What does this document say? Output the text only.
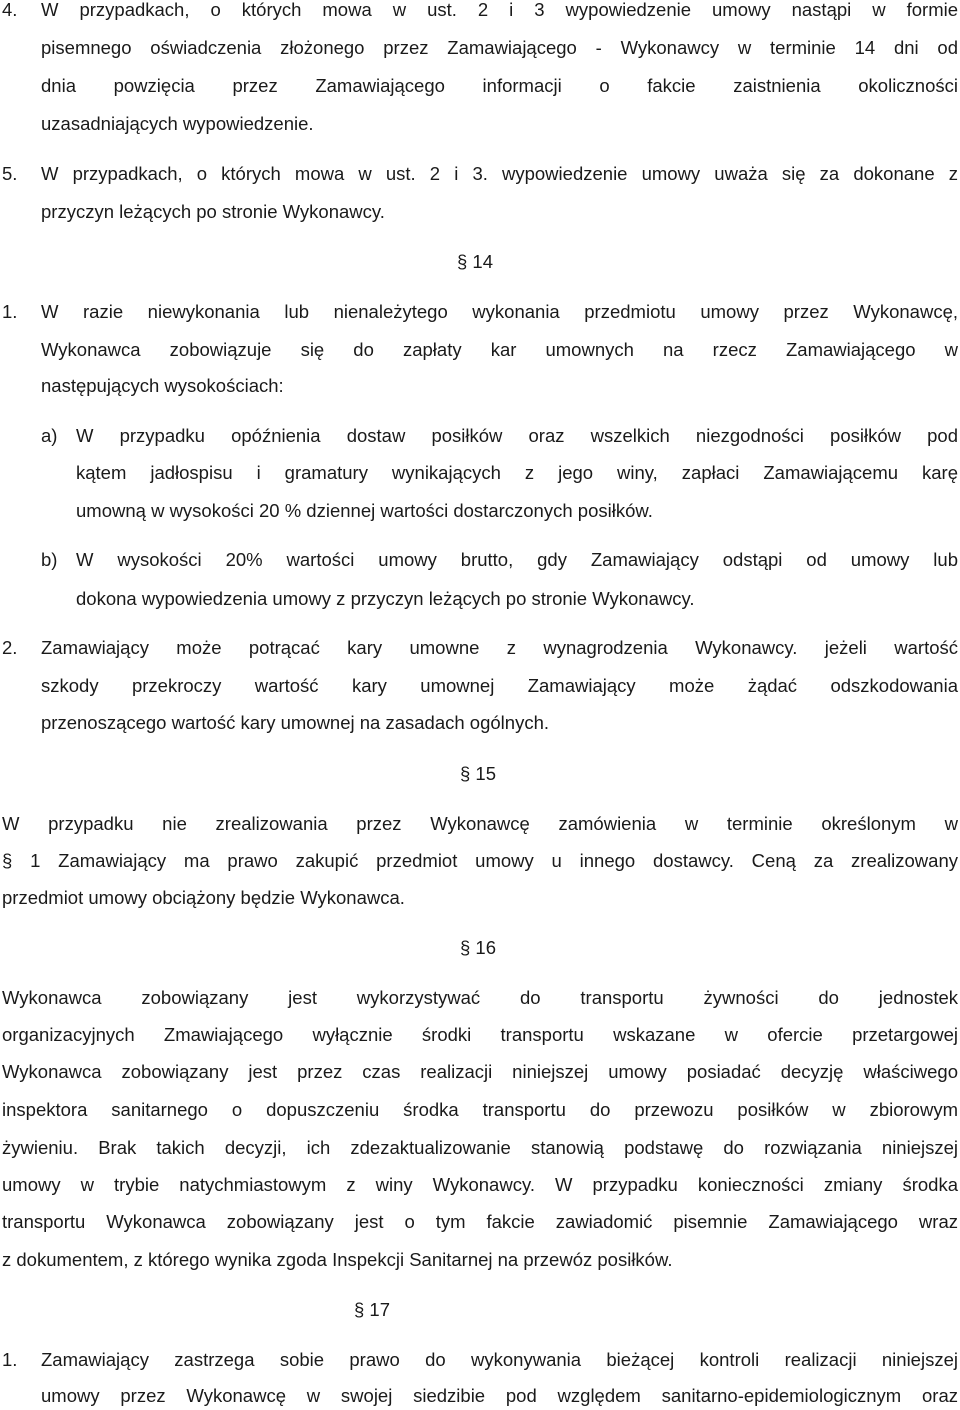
4. W przypadkach, o których mowa w ust. 2 i 3 wypowiedzenie umowy nastąpi w formie
pisemnego oświadczenia złożonego przez Zamawiającego - Wykonawcy w terminie 14 dni od
dnia powzięcia przez Zamawiającego informacji o fakcie zaistnienia okoliczności
uzasadniających wypowiedzenie.
5. W przypadkach, o których mowa w ust. 2 i 3. wypowiedzenie umowy uważa się za dokonane z
przyczyn leżących po stronie Wykonawcy.
§ 14
1. W razie niewykonania lub nienależytego wykonania przedmiotu umowy przez Wykonawcę,
Wykonawca zobowiązuje się do zapłaty kar umownych na rzecz Zamawiającego w
następujących wysokościach:
a) W przypadku opóźnienia dostaw posiłków oraz wszelkich niezgodności posiłków pod
kątem jadłospisu i gramatury wynikających z jego winy, zapłaci Zamawiającemu karę
umowną w wysokości 20 % dziennej wartości dostarczonych posiłków.
b) W wysokości 20% wartości umowy brutto, gdy Zamawiający odstąpi od umowy lub
dokona wypowiedzenia umowy z przyczyn leżących po stronie Wykonawcy.
2. Zamawiający może potrącać kary umowne z wynagrodzenia Wykonawcy. jeżeli wartość
szkody przekroczy wartość kary umownej Zamawiający może żądać odszkodowania
przenoszącego wartość kary umownej na zasadach ogólnych.
§ 15
W przypadku nie zrealizowania przez Wykonawcę zamówienia w terminie określonym w
§ 1 Zamawiający ma prawo zakupić przedmiot umowy u innego dostawcy. Ceną za zrealizowany
przedmiot umowy obciążony będzie Wykonawca.
§ 16
Wykonawca zobowiązany jest wykorzystywać do transportu żywności do jednostek
organizacyjnych Zmawiającego wyłącznie środki transportu wskazane w ofercie przetargowej
Wykonawca zobowiązany jest przez czas realizacji niniejszej umowy posiadać decyzję właściwego
inspektora sanitarnego o dopuszczeniu środka transportu do przewozu posiłków w zbiorowym
żywieniu. Brak takich decyzji, ich zdezaktualizowanie stanowią podstawę do rozwiązania niniejszej
umowy w trybie natychmiastowym z winy Wykonawcy. W przypadku konieczności zmiany środka
transportu Wykonawca zobowiązany jest o tym fakcie zawiadomić pisemnie Zamawiającego wraz
z dokumentem, z którego wynika zgoda Inspekcji Sanitarnej na przewóz posiłków.
§ 17
1. Zamawiający zastrzega sobie prawo do wykonywania bieżącej kontroli realizacji niniejszej
umowy przez Wykonawcę w swojej siedzibie pod względem sanitarno-epidemiologicznym oraz
